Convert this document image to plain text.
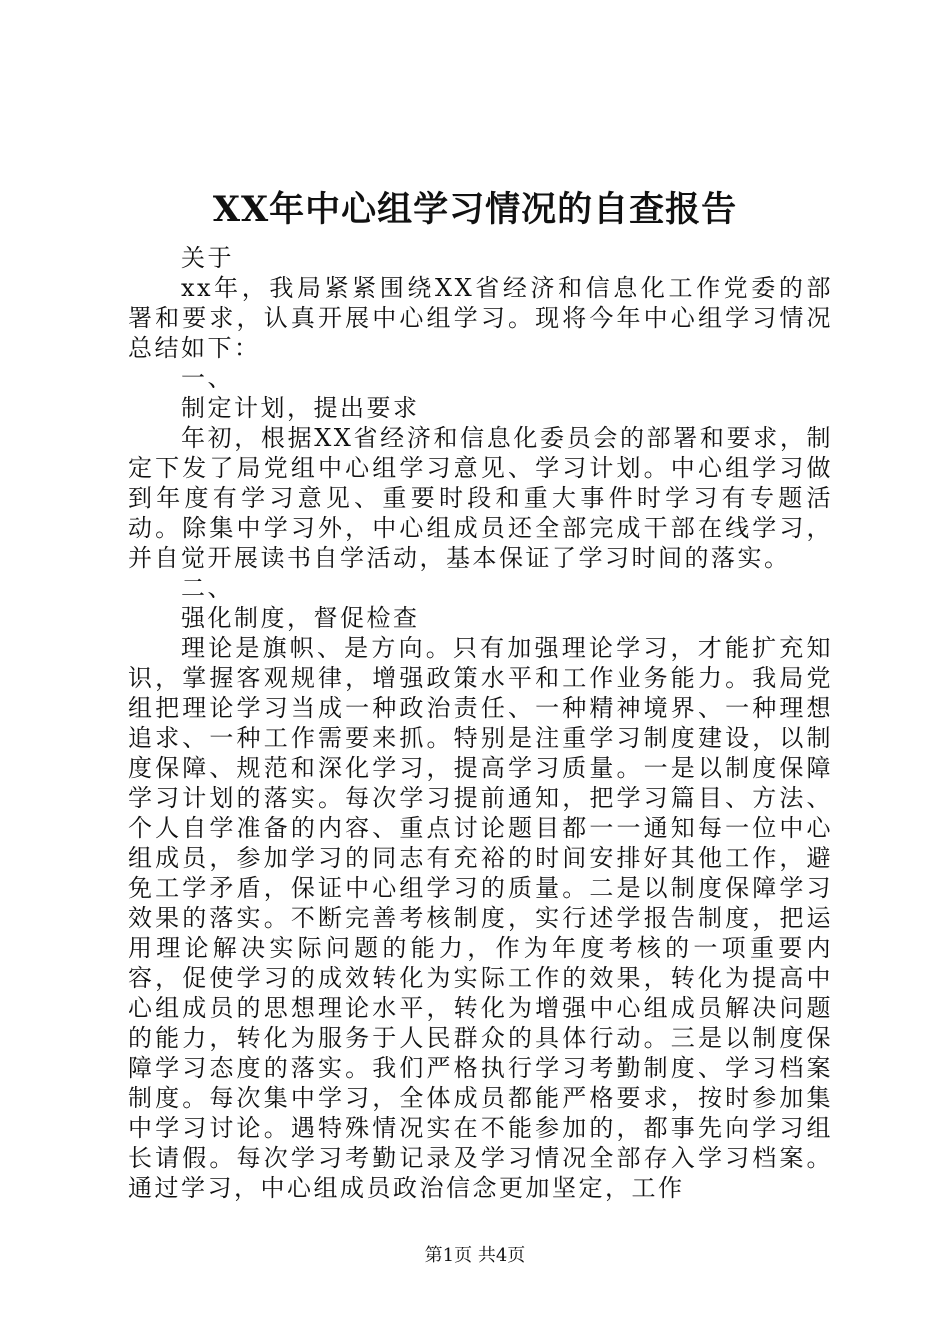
XX年中心组学习情况的自查报告

关于

xx年，我局紧紧围绕XX省经济和信息化工作党委的部署和要求，认真开展中心组学习。现将今年中心组学习情况总结如下：

一、

制定计划，提出要求

年初，根据XX省经济和信息化委员会的部署和要求，制定下发了局党组中心组学习意见、学习计划。中心组学习做到年度有学习意见、重要时段和重大事件时学习有专题活动。除集中学习外，中心组成员还全部完成干部在线学习，并自觉开展读书自学活动，基本保证了学习时间的落实。

二、

强化制度，督促检查

理论是旗帜、是方向。只有加强理论学习，才能扩充知识，掌握客观规律，增强政策水平和工作业务能力。我局党组把理论学习当成一种政治责任、一种精神境界、一种理想追求、一种工作需要来抓。特别是注重学习制度建设，以制度保障、规范和深化学习，提高学习质量。一是以制度保障学习计划的落实。每次学习提前通知，把学习篇目、方法、个人自学准备的内容、重点讨论题目都一一通知每一位中心组成员，参加学习的同志有充裕的时间安排好其他工作，避免工学矛盾，保证中心组学习的质量。二是以制度保障学习效果的落实。不断完善考核制度，实行述学报告制度，把运用理论解决实际问题的能力，作为年度考核的一项重要内容，促使学习的成效转化为实际工作的效果，转化为提高中心组成员的思想理论水平，转化为增强中心组成员解决问题的能力，转化为服务于人民群众的具体行动。三是以制度保障学习态度的落实。我们严格执行学习考勤制度、学习档案制度。每次集中学习，全体成员都能严格要求，按时参加集中学习讨论。遇特殊情况实在不能参加的，都事先向学习组长请假。每次学习考勤记录及学习情况全部存入学习档案。通过学习，中心组成员政治信念更加坚定，工作

第1页 共4页
